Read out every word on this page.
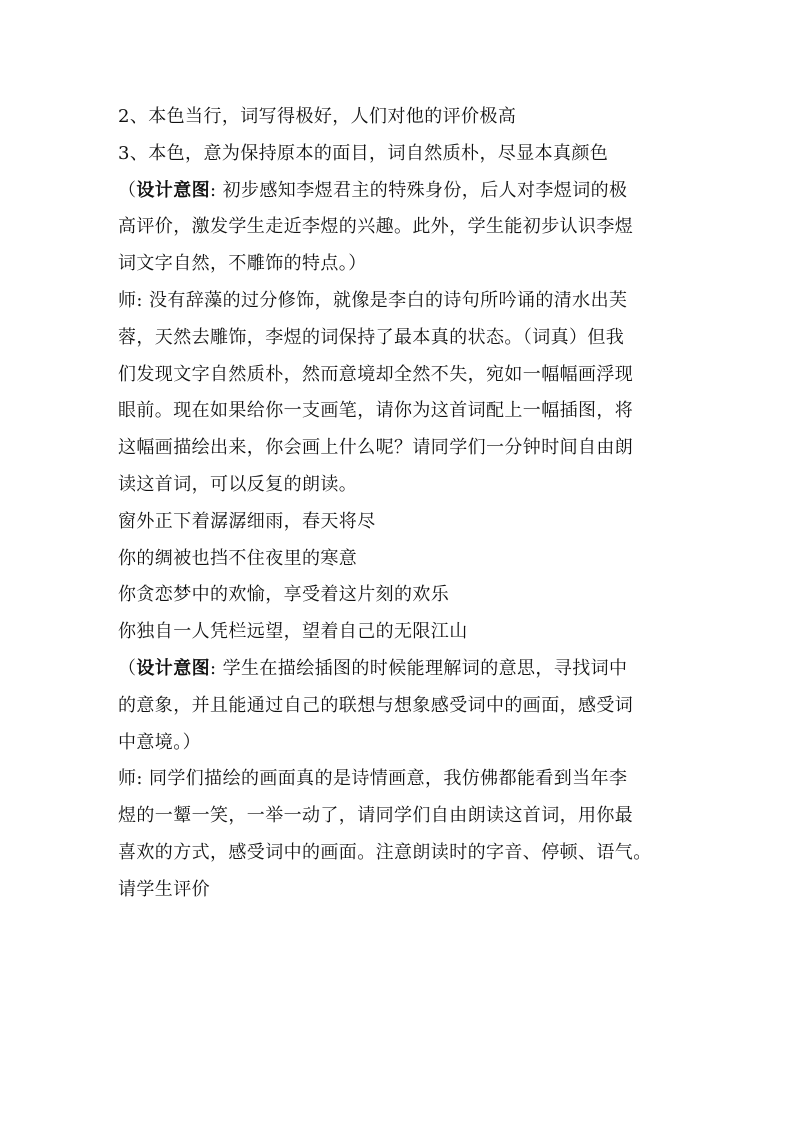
2、本色当行，词写得极好，人们对他的评价极高
3、本色，意为保持原本的面目，词自然质朴，尽显本真颜色
（设计意图: 初步感知李煜君主的特殊身份，后人对李煜词的极
高评价，激发学生走近李煜的兴趣。此外，学生能初步认识李煜
词文字自然，不雕饰的特点。）
师: 没有辞藻的过分修饰，就像是李白的诗句所吟诵的清水出芙
蓉，天然去雕饰，李煜的词保持了最本真的状态。（词真）但我
们发现文字自然质朴，然而意境却全然不失，宛如一幅幅画浮现
眼前。现在如果给你一支画笔，请你为这首词配上一幅插图，将
这幅画描绘出来，你会画上什么呢？请同学们一分钟时间自由朗
读这首词，可以反复的朗读。
窗外正下着潺潺细雨，春天将尽
你的绸被也挡不住夜里的寒意
你贪恋梦中的欢愉，享受着这片刻的欢乐
你独自一人凭栏远望，望着自己的无限江山
（设计意图: 学生在描绘插图的时候能理解词的意思，寻找词中
的意象，并且能通过自己的联想与想象感受词中的画面，感受词
中意境。）
师: 同学们描绘的画面真的是诗情画意，我仿佛都能看到当年李
煜的一颦一笑，一举一动了，请同学们自由朗读这首词，用你最
喜欢的方式，感受词中的画面。注意朗读时的字音、停顿、语气。
请学生评价
